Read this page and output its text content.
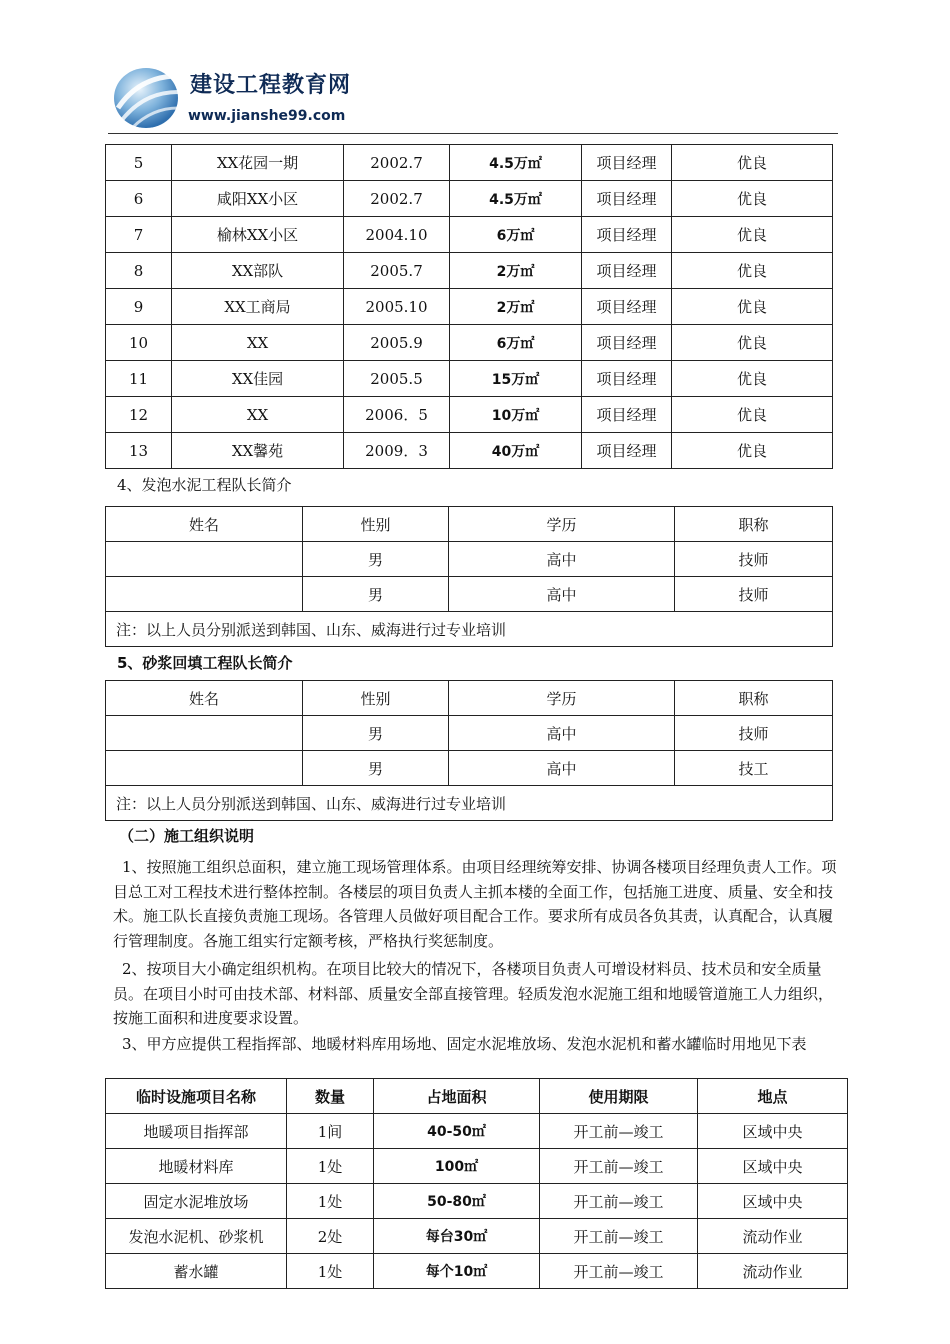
建设工程教育网
www.jianshe99.com
5	XX花园一期	2002.7	4.5万㎡	项目经理	优良
6	咸阳XX小区	2002.7	4.5万㎡	项目经理	优良
7	榆林XX小区	2004.10	6万㎡	项目经理	优良
8	XX部队	2005.7	2万㎡	项目经理	优良
9	XX工商局	2005.10	2万㎡	项目经理	优良
10	XX	2005.9	6万㎡	项目经理	优良
11	XX佳园	2005.5	15万㎡	项目经理	优良
12	XX	2006．5	10万㎡	项目经理	优良
13	XX馨苑	2009．3	40万㎡	项目经理	优良
4、发泡水泥工程队长简介
姓名	性别	学历	职称
	男	高中	技师
	男	高中	技师
注：以上人员分别派送到韩国、山东、威海进行过专业培训			
5、砂浆回填工程队长简介
姓名	性别	学历	职称
	男	高中	技师
	男	高中	技工
注：以上人员分别派送到韩国、山东、威海进行过专业培训			
（二）施工组织说明
1、按照施工组织总面积，建立施工现场管理体系。由项目经理统筹安排、协调各楼项目经理负责人工作。项目总工对工程技术进行整体控制。各楼层的项目负责人主抓本楼的全面工作，包括施工进度、质量、安全和技术。施工队长直接负责施工现场。各管理人员做好项目配合工作。要求所有成员各负其责，认真配合，认真履行管理制度。各施工组实行定额考核，严格执行奖惩制度。
2、按项目大小确定组织机构。在项目比较大的情况下，各楼项目负责人可增设材料员、技术员和安全质量员。在项目小时可由技术部、材料部、质量安全部直接管理。轻质发泡水泥施工组和地暖管道施工人力组织，按施工面积和进度要求设置。
3、甲方应提供工程指挥部、地暖材料库用场地、固定水泥堆放场、发泡水泥机和蓄水罐临时用地见下表
临时设施项目名称	数量	占地面积	使用期限	地点
地暖项目指挥部	1间	40-50㎡	开工前—竣工	区域中央
地暖材料库	1处	100㎡	开工前—竣工	区域中央
固定水泥堆放场	1处	50-80㎡	开工前—竣工	区域中央
发泡水泥机、砂浆机	2处	每台30㎡	开工前—竣工	流动作业
蓄水罐	1处	每个10㎡	开工前—竣工	流动作业
